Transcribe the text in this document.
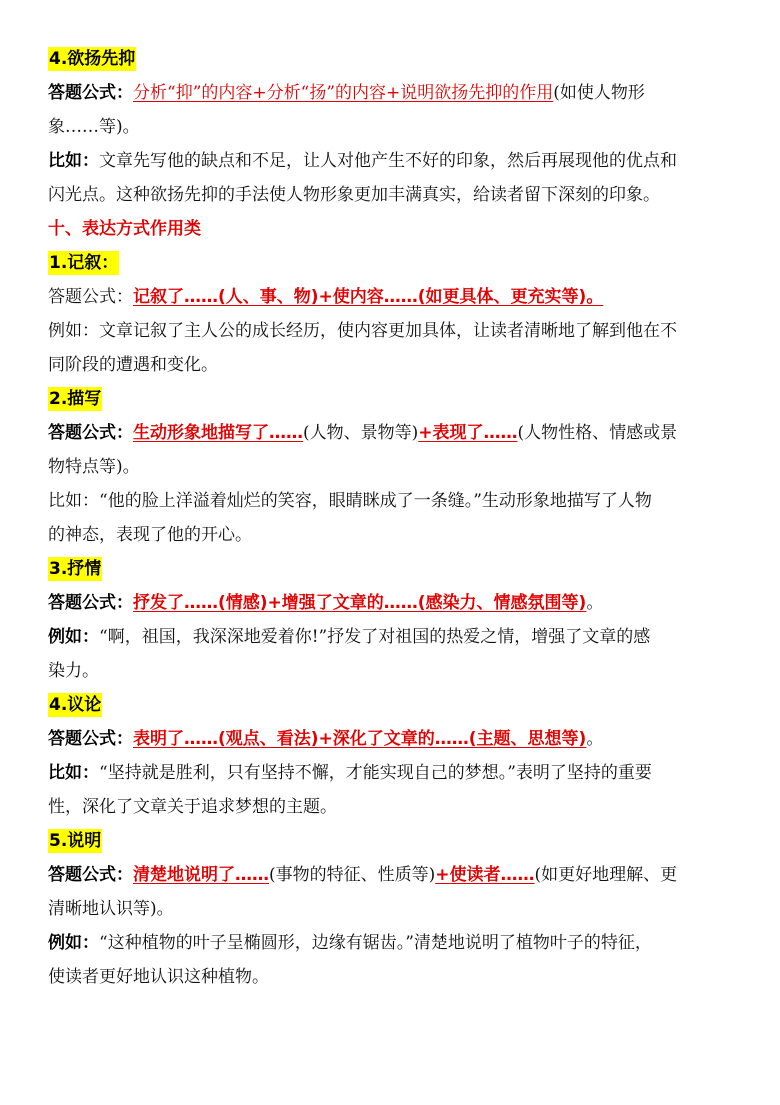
4.欲扬先抑
答题公式：分析“抑”的内容+分析“扬”的内容+说明欲扬先抑的作用(如使人物形
象……等)。
比如：文章先写他的缺点和不足，让人对他产生不好的印象，然后再展现他的优点和
闪光点。这种欲扬先抑的手法使人物形象更加丰满真实，给读者留下深刻的印象。
十、表达方式作用类
1.记叙：
答题公式：记叙了……(人、事、物)+使内容……(如更具体、更充实等)。
例如：文章记叙了主人公的成长经历，使内容更加具体，让读者清晰地了解到他在不
同阶段的遭遇和变化。
2.描写
答题公式：生动形象地描写了……(人物、景物等)+表现了……(人物性格、情感或景
物特点等)。
比如：“他的脸上洋溢着灿烂的笑容，眼睛眯成了一条缝。”生动形象地描写了人物
的神态，表现了他的开心。
3.抒情
答题公式：抒发了……(情感)+增强了文章的……(感染力、情感氛围等)。
例如：“啊，祖国，我深深地爱着你!”抒发了对祖国的热爱之情，增强了文章的感
染力。
4.议论
答题公式：表明了……(观点、看法)+深化了文章的……(主题、思想等)。
比如：“坚持就是胜利，只有坚持不懈，才能实现自己的梦想。”表明了坚持的重要
性，深化了文章关于追求梦想的主题。
5.说明
答题公式：清楚地说明了……(事物的特征、性质等)+使读者……(如更好地理解、更
清晰地认识等)。
例如：“这种植物的叶子呈椭圆形，边缘有锯齿。”清楚地说明了植物叶子的特征，
使读者更好地认识这种植物。
